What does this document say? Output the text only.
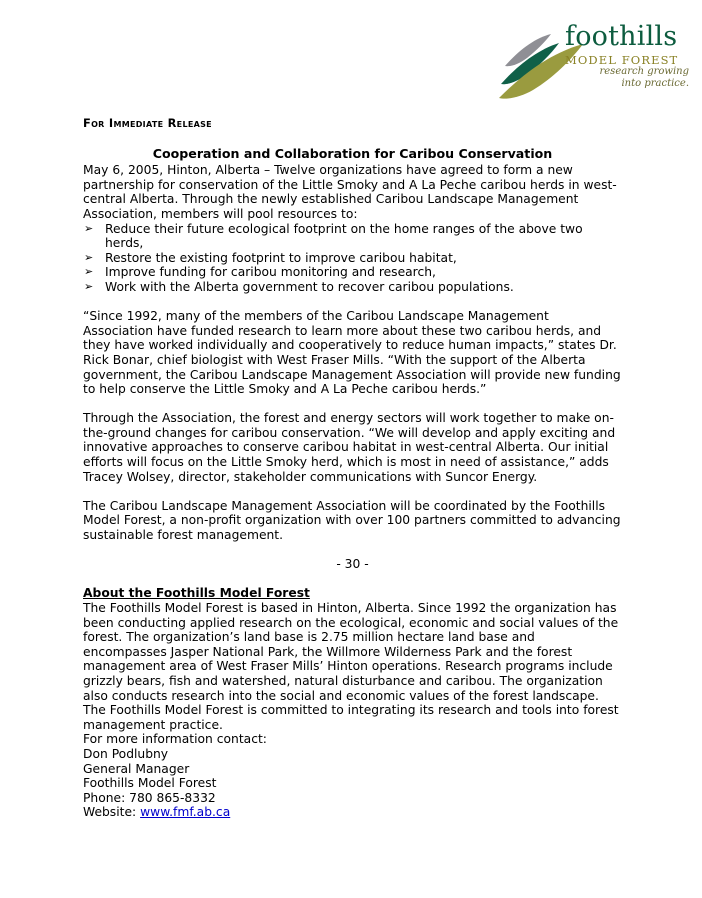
foothills
MODEL FOREST
research growing
into practice.

For Immediate Release

Cooperation and Collaboration for Caribou Conservation

May 6, 2005, Hinton, Alberta – Twelve organizations have agreed to form a new partnership for conservation of the Little Smoky and A La Peche caribou herds in west- central Alberta. Through the newly established Caribou Landscape Management Association, members will pool resources to:

➢ Reduce their future ecological footprint on the home ranges of the above two herds,
➢ Restore the existing footprint to improve caribou habitat,
➢ Improve funding for caribou monitoring and research,
➢ Work with the Alberta government to recover caribou populations.

“Since 1992, many of the members of the Caribou Landscape Management Association have funded research to learn more about these two caribou herds, and they have worked individually and cooperatively to reduce human impacts,” states Dr. Rick Bonar, chief biologist with West Fraser Mills. “With the support of the Alberta government, the Caribou Landscape Management Association will provide new funding to help conserve the Little Smoky and A La Peche caribou herds.”

Through the Association, the forest and energy sectors will work together to make on-the-ground changes for caribou conservation. “We will develop and apply exciting and innovative approaches to conserve caribou habitat in west-central Alberta. Our initial efforts will focus on the Little Smoky herd, which is most in need of assistance,” adds Tracey Wolsey, director, stakeholder communications with Suncor Energy.

The Caribou Landscape Management Association will be coordinated by the Foothills Model Forest, a non-profit organization with over 100 partners committed to advancing sustainable forest management.

- 30 -

About the Foothills Model Forest

The Foothills Model Forest is based in Hinton, Alberta. Since 1992 the organization has been conducting applied research on the ecological, economic and social values of the forest. The organization’s land base is 2.75 million hectare land base and encompasses Jasper National Park, the Willmore Wilderness Park and the forest management area of West Fraser Mills’ Hinton operations. Research programs include grizzly bears, fish and watershed, natural disturbance and caribou. The organization also conducts research into the social and economic values of the forest landscape. The Foothills Model Forest is committed to integrating its research and tools into forest management practice.

For more information contact:

Don Podlubny

General Manager

Foothills Model Forest

Phone: 780 865-8332

Website: www.fmf.ab.ca
